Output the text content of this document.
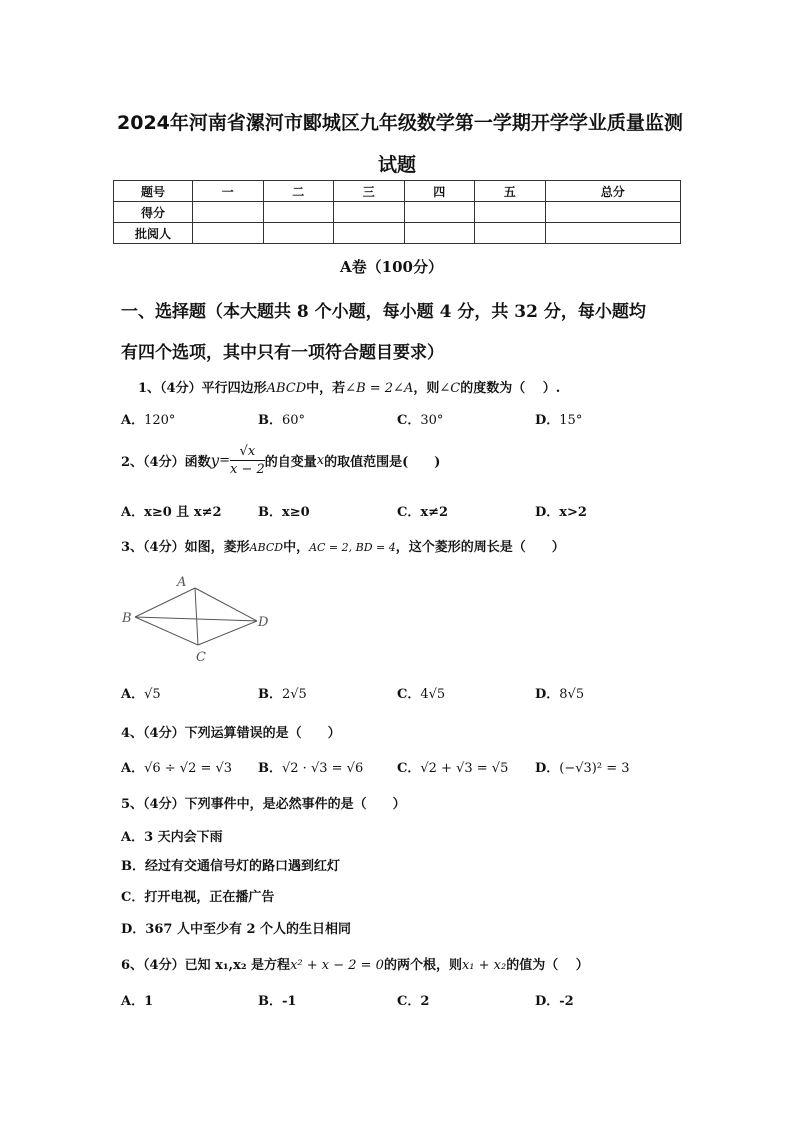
2024年河南省漯河市郾城区九年级数学第一学期开学学业质量监测
试题
题号	一	二	三	四	五	总分
得分						
批阅人						
A卷（100分）
一、选择题（本大题共 8 个小题，每小题 4 分，共 32 分，每小题均
有四个选项，其中只有一项符合题目要求）
1、（4分）平行四边形ABCD中，若∠B = 2∠A，则∠C的度数为（　 ）.
A．120°	B．60°	C．30°	D．15°
2、（4分）函数$y= \frac{√x}{x - 2}$ 的自变量x的取值范围是(　　)
A．x≥0 且 x≠2	B．x≥0	C．x≠2	D．x>2
3、（4分）如图，菱形ABCD中，AC = 2, BD = 4，这个菱形的周长是（　　）
A
B
C
D
A．√5	B．2√5	C．4√5	D．8√5
4、（4分）下列运算错误的是（　　）
A．√6 ÷ √2 = √3 B．√2 · √3 = √6	C．√2 + √3 = √5 D．(−√3)² = 3
5、（4分）下列事件中，是必然事件的是（　　）
A．3 天内会下雨
B．经过有交通信号灯的路口遇到红灯
C．打开电视，正在播广告
D．367 人中至少有 2 个人的生日相同
6、（4分）已知 x₁,x₂ 是方程x² + x − 2 = 0的两个根，则x₁ + x₂的值为（　 ）
A．1	B．-1	C．2	D．-2
